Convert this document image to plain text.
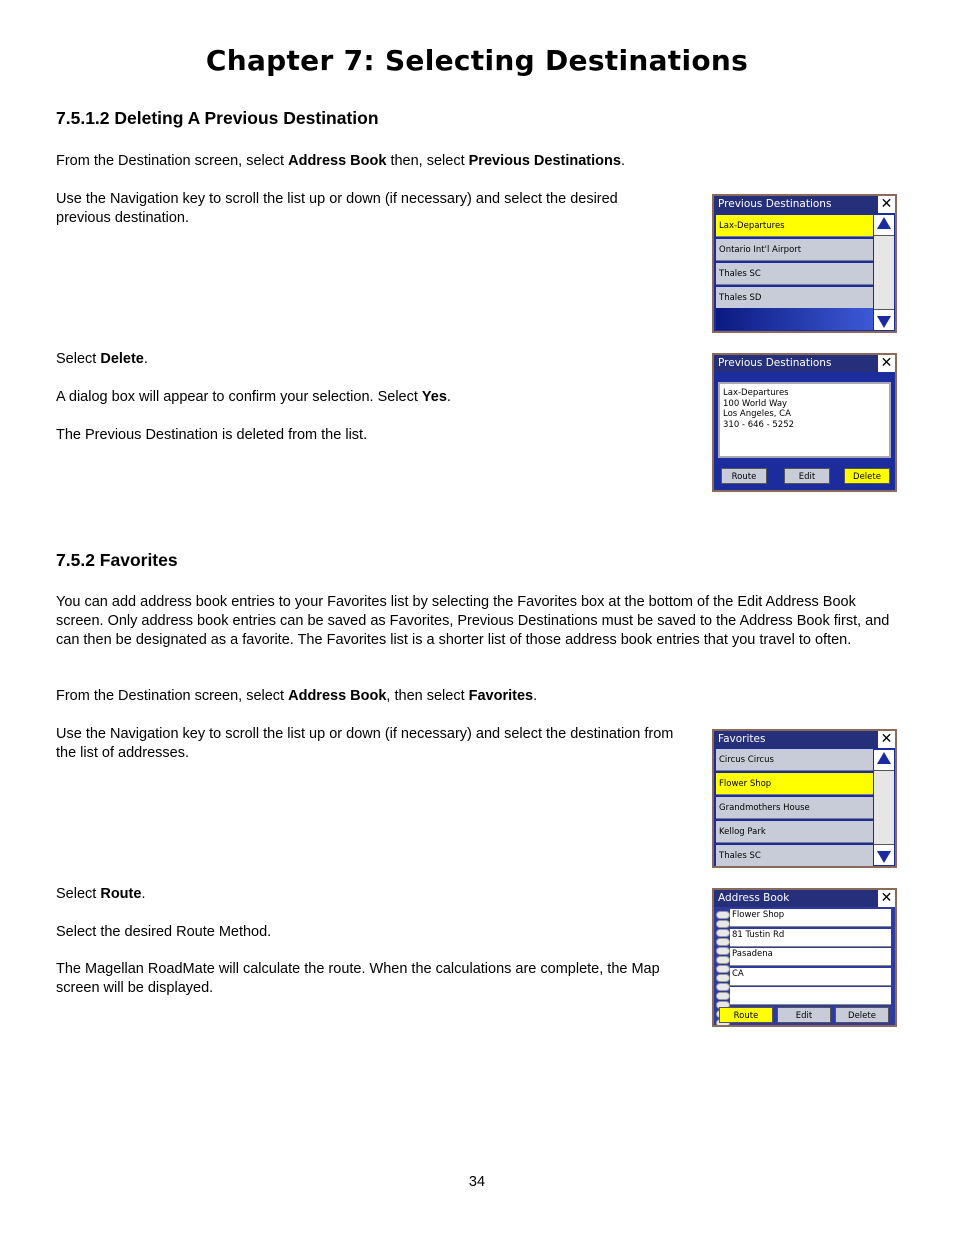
Chapter 7: Selecting Destinations
7.5.1.2 Deleting A Previous Destination

From the Destination screen, select Address Book then, select Previous Destinations.

Use the Navigation key to scroll the list up or down (if necessary) and select the desired previous destination.

Select Delete.

A dialog box will appear to confirm your selection. Select Yes.

The Previous Destination is deleted from the list.

7.5.2 Favorites

You can add address book entries to your Favorites list by selecting the Favorites box at the bottom of the Edit Address Book screen. Only address book entries can be saved as Favorites, Previous Destinations must be saved to the Address Book first, and can then be designated as a favorite. The Favorites list is a shorter list of those address book entries that you travel to often.

From the Destination screen, select Address Book, then select Favorites.

Use the Navigation key to scroll the list up or down (if necessary) and select the destination from the list of addresses.

Select Route.

Select the desired Route Method.

The Magellan RoadMate will calculate the route. When the calculations are complete, the Map screen will be displayed.

Previous Destinations	✕
Lax-Departures
Ontario Int'l Airport
Thales SC
Thales SD
Previous Destinations	✕
Lax-Departures
100 World Way
Los Angeles, CA
310 - 646 - 5252
Route	Edit	Delete
Favorites	✕
Circus Circus
Flower Shop
Grandmothers House
Kellog Park
Thales SC
Address Book	✕
Flower Shop
81 Tustin Rd
Pasadena
CA
Route	Edit	Delete
34
